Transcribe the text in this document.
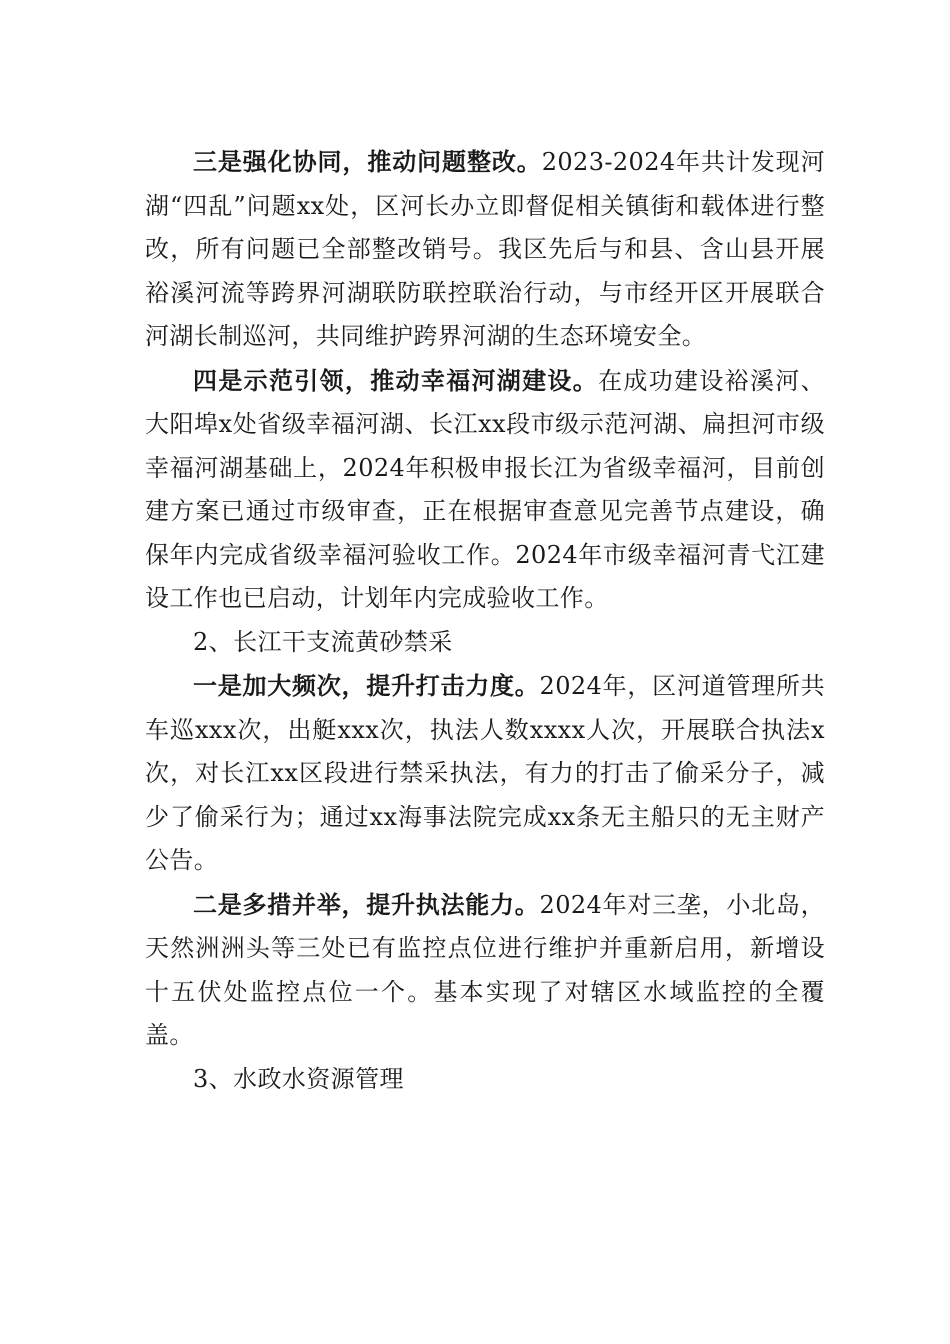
三是强化协同，推动问题整改。2023-2024年共计发现河湖“四乱”问题xx处，区河长办立即督促相关镇街和载体进行整改，所有问题已全部整改销号。我区先后与和县、含山县开展裕溪河流等跨界河湖联防联控联治行动，与市经开区开展联合河湖长制巡河，共同维护跨界河湖的生态环境安全。

四是示范引领，推动幸福河湖建设。在成功建设裕溪河、大阳埠x处省级幸福河湖、长江xx段市级示范河湖、扁担河市级幸福河湖基础上，2024年积极申报长江为省级幸福河，目前创建方案已通过市级审查，正在根据审查意见完善节点建设，确保年内完成省级幸福河验收工作。2024年市级幸福河青弋江建设工作也已启动，计划年内完成验收工作。

2、长江干支流黄砂禁采

一是加大频次，提升打击力度。2024年，区河道管理所共车巡xxx次，出艇xxx次，执法人数xxxx人次，开展联合执法x次，对长江xx区段进行禁采执法，有力的打击了偷采分子，减少了偷采行为；通过xx海事法院完成xx条无主船只的无主财产公告。

二是多措并举，提升执法能力。2024年对三垄，小北岛，天然洲洲头等三处已有监控点位进行维护并重新启用，新增设十五伏处监控点位一个。基本实现了对辖区水域监控的全覆盖。

3、水政水资源管理
